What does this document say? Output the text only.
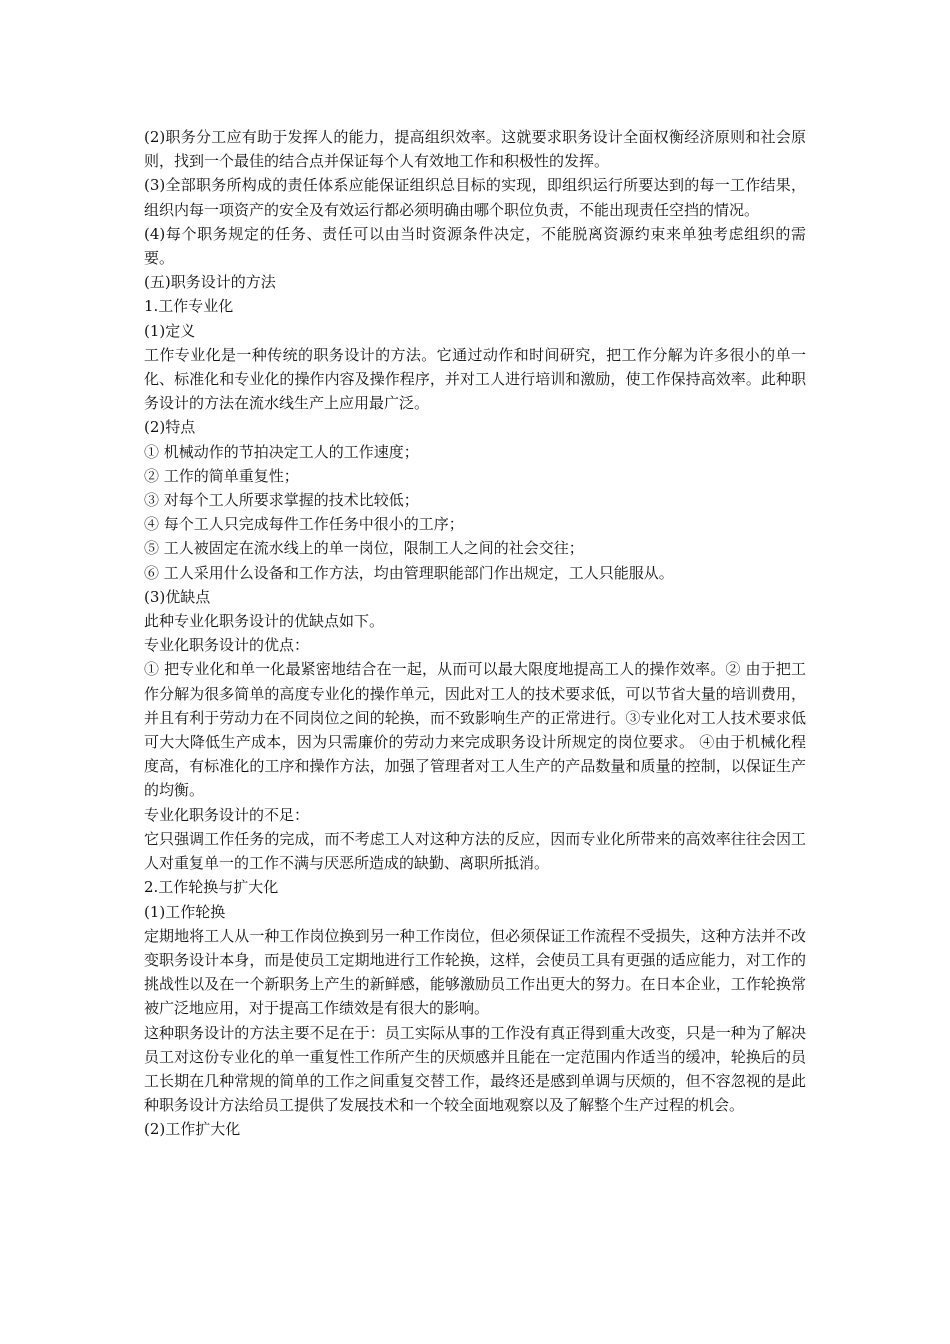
(2)职务分工应有助于发挥人的能力，提高组织效率。这就要求职务设计全面权衡经济原则和社会原则，找到一个最佳的结合点并保证每个人有效地工作和积极性的发挥。

(3)全部职务所构成的责任体系应能保证组织总目标的实现，即组织运行所要达到的每一工作结果，组织内每一项资产的安全及有效运行都必须明确由哪个职位负责，不能出现责任空挡的情况。

(4)每个职务规定的任务、责任可以由当时资源条件决定，不能脱离资源约束来单独考虑组织的需要。

(五)职务设计的方法

1.工作专业化

(1)定义

工作专业化是一种传统的职务设计的方法。它通过动作和时间研究，把工作分解为许多很小的单一化、标准化和专业化的操作内容及操作程序，并对工人进行培训和激励，使工作保持高效率。此种职务设计的方法在流水线生产上应用最广泛。

(2)特点

① 机械动作的节拍决定工人的工作速度；

② 工作的简单重复性；

③ 对每个工人所要求掌握的技术比较低；

④ 每个工人只完成每件工作任务中很小的工序；

⑤ 工人被固定在流水线上的单一岗位，限制工人之间的社会交往；

⑥ 工人采用什么设备和工作方法，均由管理职能部门作出规定，工人只能服从。

(3)优缺点

此种专业化职务设计的优缺点如下。

专业化职务设计的优点：

① 把专业化和单一化最紧密地结合在一起，从而可以最大限度地提高工人的操作效率。② 由于把工作分解为很多简单的高度专业化的操作单元，因此对工人的技术要求低，可以节省大量的培训费用，并且有利于劳动力在不同岗位之间的轮换，而不致影响生产的正常进行。③专业化对工人技术要求低可大大降低生产成本，因为只需廉价的劳动力来完成职务设计所规定的岗位要求。 ④由于机械化程度高，有标准化的工序和操作方法，加强了管理者对工人生产的产品数量和质量的控制，以保证生产的均衡。

专业化职务设计的不足：

它只强调工作任务的完成，而不考虑工人对这种方法的反应，因而专业化所带来的高效率往往会因工人对重复单一的工作不满与厌恶所造成的缺勤、离职所抵消。

2.工作轮换与扩大化

(1)工作轮换

定期地将工人从一种工作岗位换到另一种工作岗位，但必须保证工作流程不受损失，这种方法并不改变职务设计本身，而是使员工定期地进行工作轮换，这样，会使员工具有更强的适应能力，对工作的挑战性以及在一个新职务上产生的新鲜感，能够激励员工作出更大的努力。在日本企业，工作轮换常被广泛地应用，对于提高工作绩效是有很大的影响。

这种职务设计的方法主要不足在于：员工实际从事的工作没有真正得到重大改变，只是一种为了解决员工对这份专业化的单一重复性工作所产生的厌烦感并且能在一定范围内作适当的缓冲，轮换后的员工长期在几种常规的简单的工作之间重复交替工作，最终还是感到单调与厌烦的，但不容忽视的是此种职务设计方法给员工提供了发展技术和一个较全面地观察以及了解整个生产过程的机会。

(2)工作扩大化
